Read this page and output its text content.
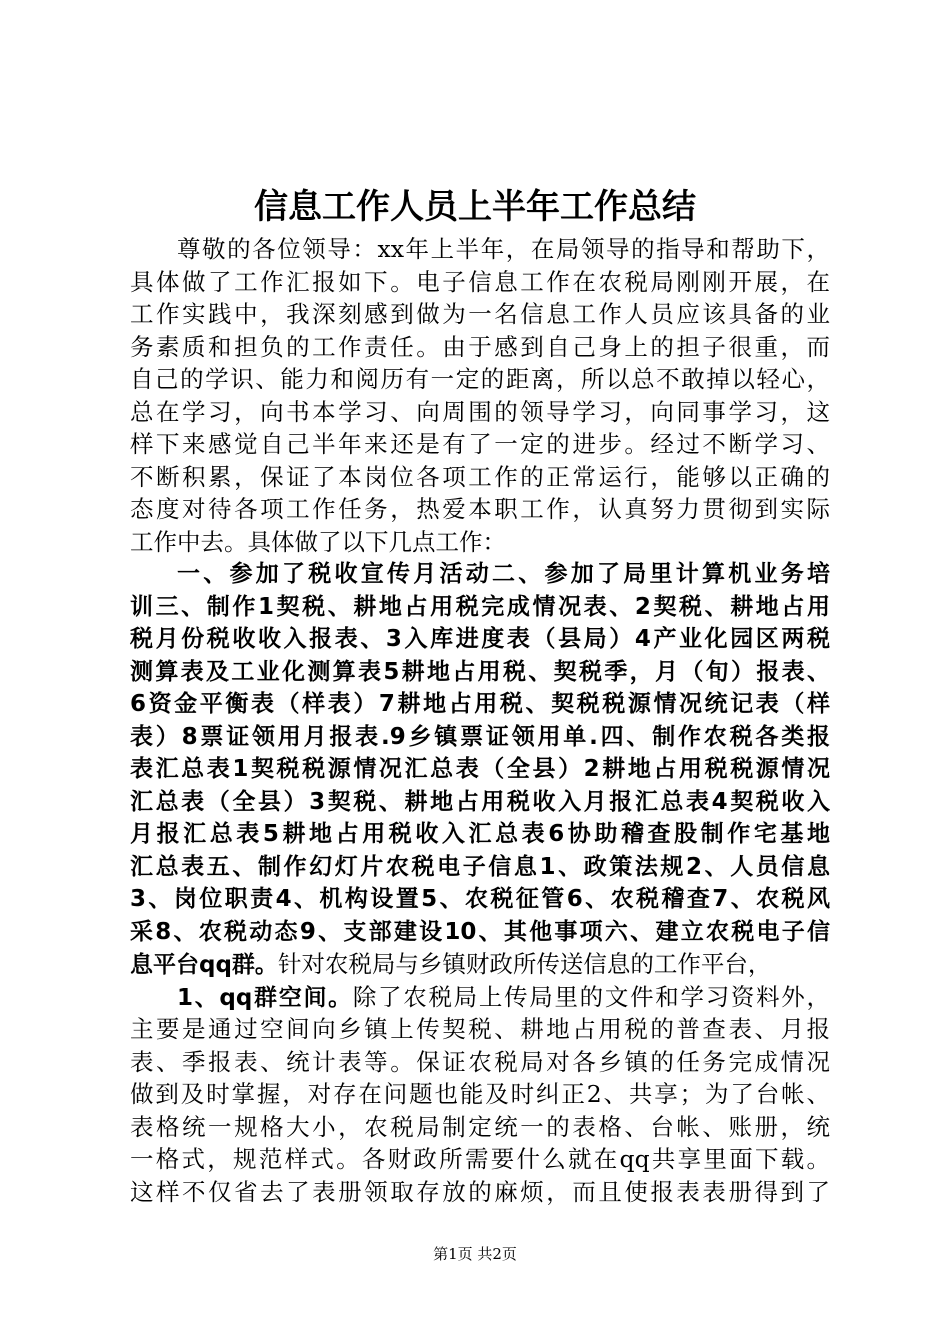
信息工作人员上半年工作总结
尊敬的各位领导：xx年上半年，在局领导的指导和帮助下，
具体做了工作汇报如下。电子信息工作在农税局刚刚开展，在
工作实践中，我深刻感到做为一名信息工作人员应该具备的业
务素质和担负的工作责任。由于感到自己身上的担子很重，而
自己的学识、能力和阅历有一定的距离，所以总不敢掉以轻心，
总在学习，向书本学习、向周围的领导学习，向同事学习，这
样下来感觉自己半年来还是有了一定的进步。经过不断学习、
不断积累，保证了本岗位各项工作的正常运行，能够以正确的
态度对待各项工作任务，热爱本职工作，认真努力贯彻到实际
工作中去。具体做了以下几点工作：
一、参加了税收宣传月活动二、参加了局里计算机业务培
训三、制作1契税、耕地占用税完成情况表、2契税、耕地占用
税月份税收收入报表、3入库进度表（县局）4产业化园区两税
测算表及工业化测算表5耕地占用税、契税季，月（旬）报表、
6资金平衡表（样表）7耕地占用税、契税税源情况统记表（样
表）8票证领用月报表.9乡镇票证领用单.四、制作农税各类报
表汇总表1契税税源情况汇总表（全县）2耕地占用税税源情况
汇总表（全县）3契税、耕地占用税收入月报汇总表4契税收入
月报汇总表5耕地占用税收入汇总表6协助稽查股制作宅基地
汇总表五、制作幻灯片农税电子信息1、政策法规2、人员信息
3、岗位职责4、机构设置5、农税征管6、农税稽查7、农税风
采8、农税动态9、支部建设10、其他事项六、建立农税电子信
息平台qq群。针对农税局与乡镇财政所传送信息的工作平台，
1、qq群空间。除了农税局上传局里的文件和学习资料外，
主要是通过空间向乡镇上传契税、耕地占用税的普查表、月报
表、季报表、统计表等。保证农税局对各乡镇的任务完成情况
做到及时掌握，对存在问题也能及时纠正2、共享；为了台帐、
表格统一规格大小，农税局制定统一的表格、台帐、账册，统
一格式，规范样式。各财政所需要什么就在qq共享里面下载。
这样不仅省去了表册领取存放的麻烦，而且使报表表册得到了
第1页 共2页
